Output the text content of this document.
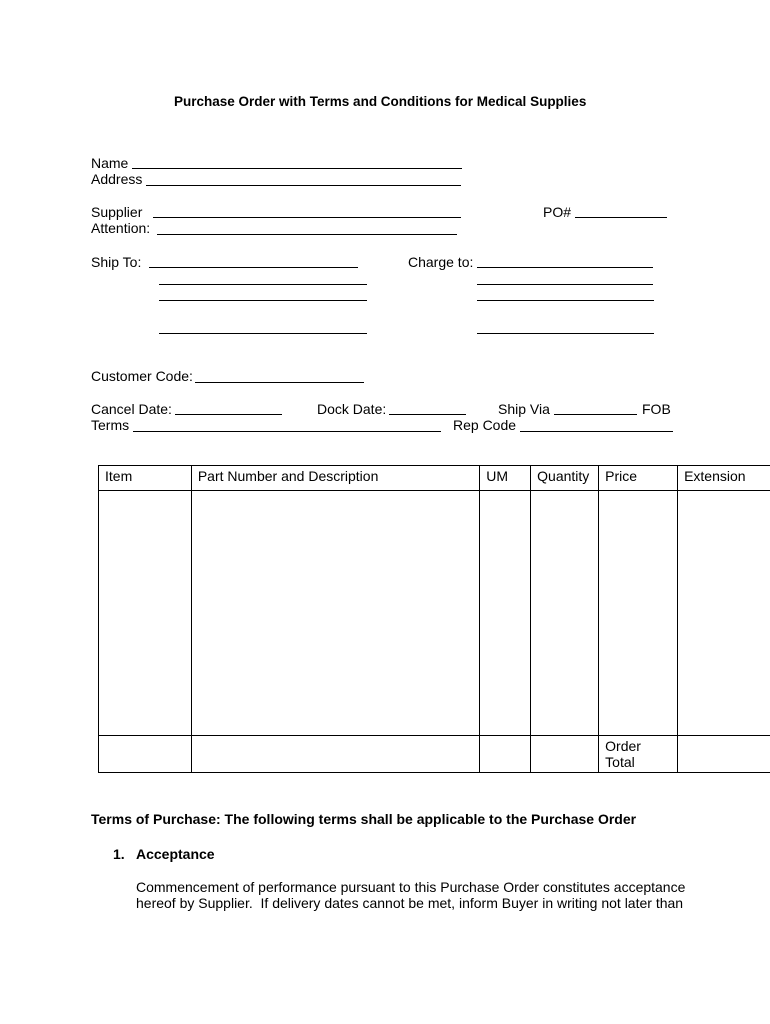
Purchase Order with Terms and Conditions for Medical Supplies
Name
Address
Supplier	PO#
Attention:
Ship To:	Charge to:
Customer Code:
Cancel Date:	Dock Date:	Ship Via	FOB
Terms	Rep Code
Item	Part Number and Description	UM	Quantity	Price	Extension

				Order
Total	
Terms of Purchase: The following terms shall be applicable to the Purchase Order
1. Acceptance
Commencement of performance pursuant to this Purchase Order constitutes acceptance
hereof by Supplier.  If delivery dates cannot be met, inform Buyer in writing not later than
